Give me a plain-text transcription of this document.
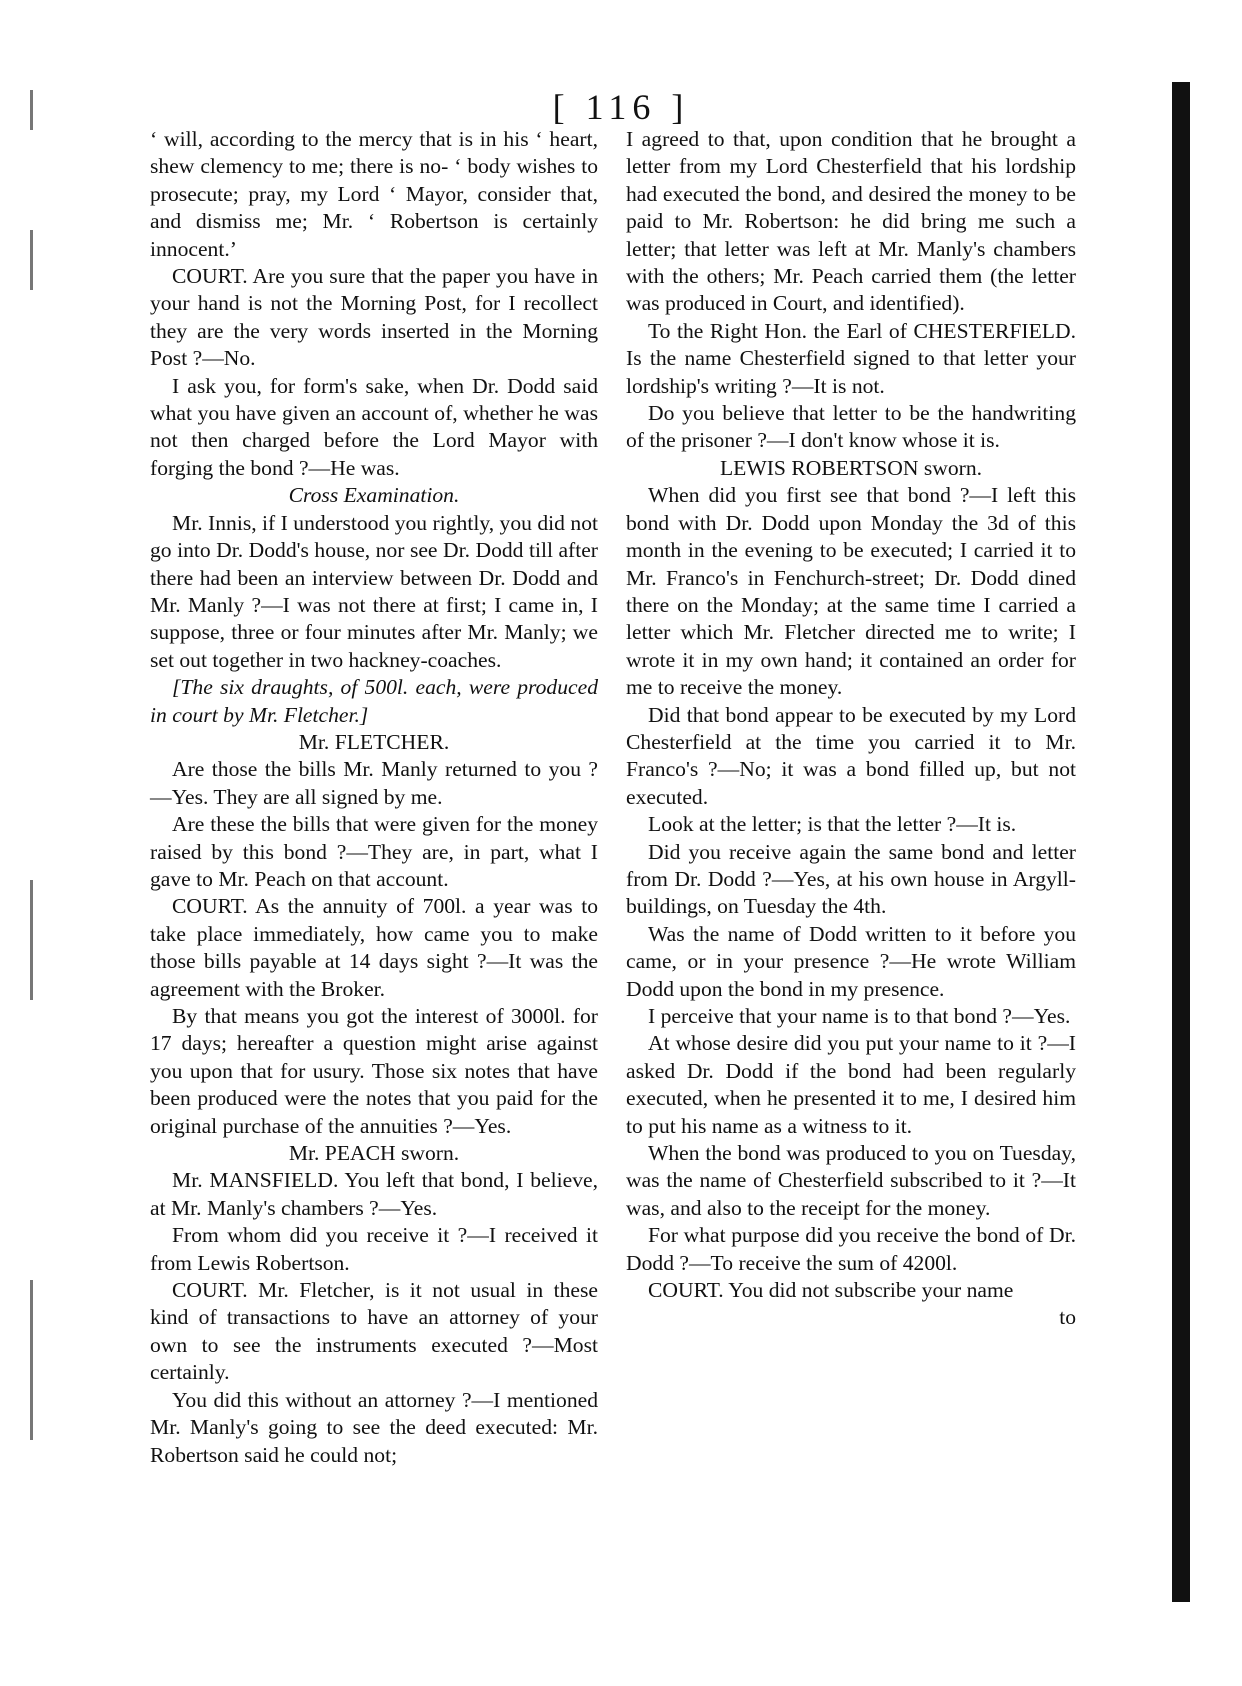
[ 116 ]

‘ will, according to the mercy that is in his ‘ heart, shew clemency to me; there is no- ‘ body wishes to prosecute; pray, my Lord ‘ Mayor, consider that, and dismiss me; Mr. ‘ Robertson is certainly innocent.’

COURT. Are you sure that the paper you have in your hand is not the Morning Post, for I recollect they are the very words inserted in the Morning Post ?—No.

I ask you, for form's sake, when Dr. Dodd said what you have given an account of, whether he was not then charged before the Lord Mayor with forging the bond ?—He was.

Cross Examination.

Mr. Innis, if I understood you rightly, you did not go into Dr. Dodd's house, nor see Dr. Dodd till after there had been an interview between Dr. Dodd and Mr. Manly ?—I was not there at first; I came in, I suppose, three or four minutes after Mr. Manly; we set out together in two hackney-coaches.

[The six draughts, of 500l. each, were produced in court by Mr. Fletcher.]

Mr. FLETCHER.

Are those the bills Mr. Manly returned to you ?—Yes. They are all signed by me.

Are these the bills that were given for the money raised by this bond ?—They are, in part, what I gave to Mr. Peach on that account.

COURT. As the annuity of 700l. a year was to take place immediately, how came you to make those bills payable at 14 days sight ?—It was the agreement with the Broker.

By that means you got the interest of 3000l. for 17 days; hereafter a question might arise against you upon that for usury. Those six notes that have been produced were the notes that you paid for the original purchase of the annuities ?—Yes.

Mr. PEACH sworn.

Mr. MANSFIELD. You left that bond, I believe, at Mr. Manly's chambers ?—Yes.

From whom did you receive it ?—I received it from Lewis Robertson.

COURT. Mr. Fletcher, is it not usual in these kind of transactions to have an attorney of your own to see the instruments executed ?—Most certainly.

You did this without an attorney ?—I mentioned Mr. Manly's going to see the deed executed: Mr. Robertson said he could not;

I agreed to that, upon condition that he brought a letter from my Lord Chesterfield that his lordship had executed the bond, and desired the money to be paid to Mr. Robertson: he did bring me such a letter; that letter was left at Mr. Manly's chambers with the others; Mr. Peach carried them (the letter was produced in Court, and identified).

To the Right Hon. the Earl of CHESTERFIELD. Is the name Chesterfield signed to that letter your lordship's writing ?—It is not.

Do you believe that letter to be the handwriting of the prisoner ?—I don't know whose it is.

LEWIS ROBERTSON sworn.

When did you first see that bond ?—I left this bond with Dr. Dodd upon Monday the 3d of this month in the evening to be executed; I carried it to Mr. Franco's in Fenchurch-street; Dr. Dodd dined there on the Monday; at the same time I carried a letter which Mr. Fletcher directed me to write; I wrote it in my own hand; it contained an order for me to receive the money.

Did that bond appear to be executed by my Lord Chesterfield at the time you carried it to Mr. Franco's ?—No; it was a bond filled up, but not executed.

Look at the letter; is that the letter ?—It is.

Did you receive again the same bond and letter from Dr. Dodd ?—Yes, at his own house in Argyll-buildings, on Tuesday the 4th.

Was the name of Dodd written to it before you came, or in your presence ?—He wrote William Dodd upon the bond in my presence.

I perceive that your name is to that bond ?—Yes.

At whose desire did you put your name to it ?—I asked Dr. Dodd if the bond had been regularly executed, when he presented it to me, I desired him to put his name as a witness to it.

When the bond was produced to you on Tuesday, was the name of Chesterfield subscribed to it ?—It was, and also to the receipt for the money.

For what purpose did you receive the bond of Dr. Dodd ?—To receive the sum of 4200l.

COURT. You did not subscribe your name

to
